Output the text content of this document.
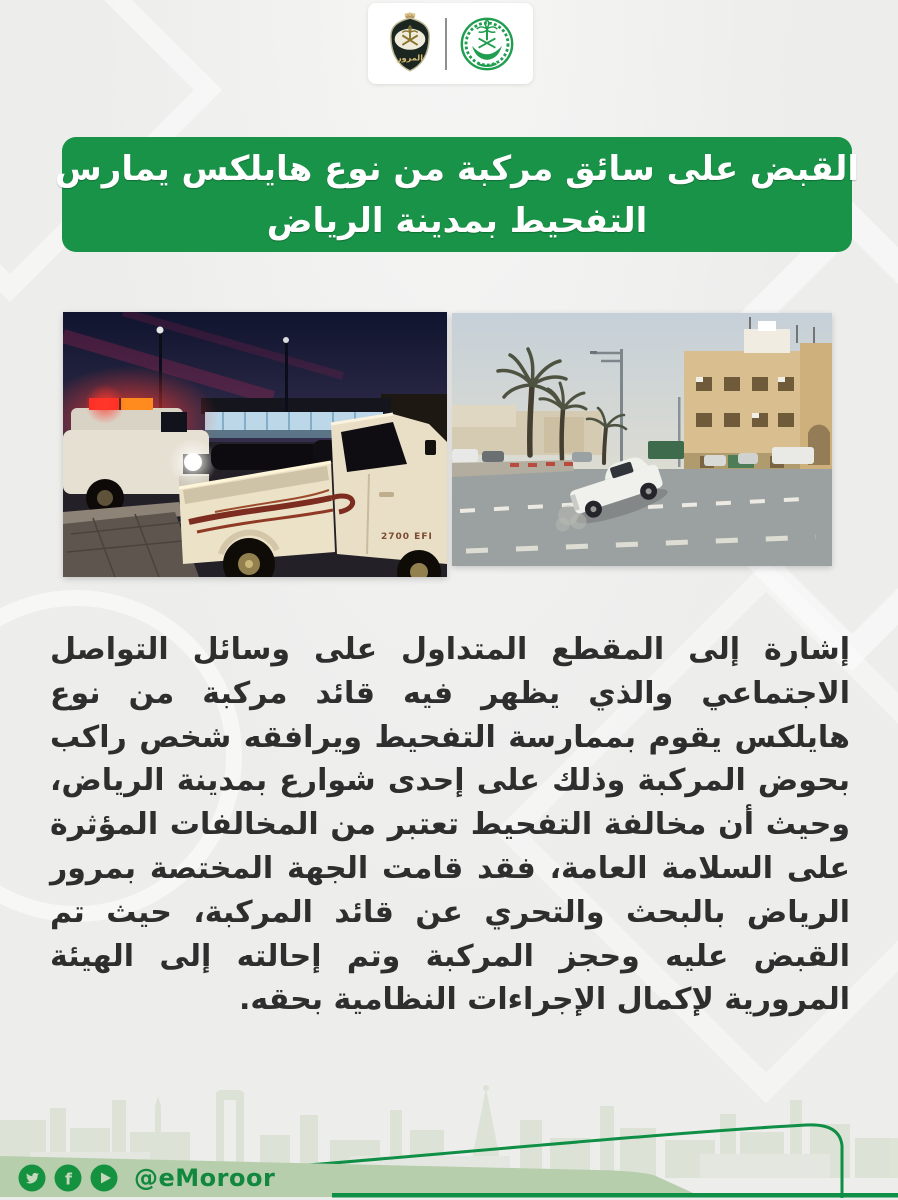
المرور
القبض على سائق مركبة من نوع هايلكس يمارس
التفحيط بمدينة الرياض
2700 EFI
إشارة إلى المقطع المتداول على وسائل التواصل الاجتماعي والذي يظهر فيه قائد مركبة من نوع هايلكس يقوم بممارسة التفحيط ويرافقه شخص راكب بحوض المركبة وذلك على إحدى شوارع بمدينة الرياض، وحيث أن مخالفة التفحيط تعتبر من المخالفات المؤثرة على السلامة العامة، فقد قامت الجهة المختصة بمرور الرياض بالبحث والتحري عن قائد المركبة، حيث تم القبض عليه وحجز المركبة وتم إحالته إلى الهيئة المرورية لإكمال الإجراءات النظامية بحقه.
f	@eMoroor
